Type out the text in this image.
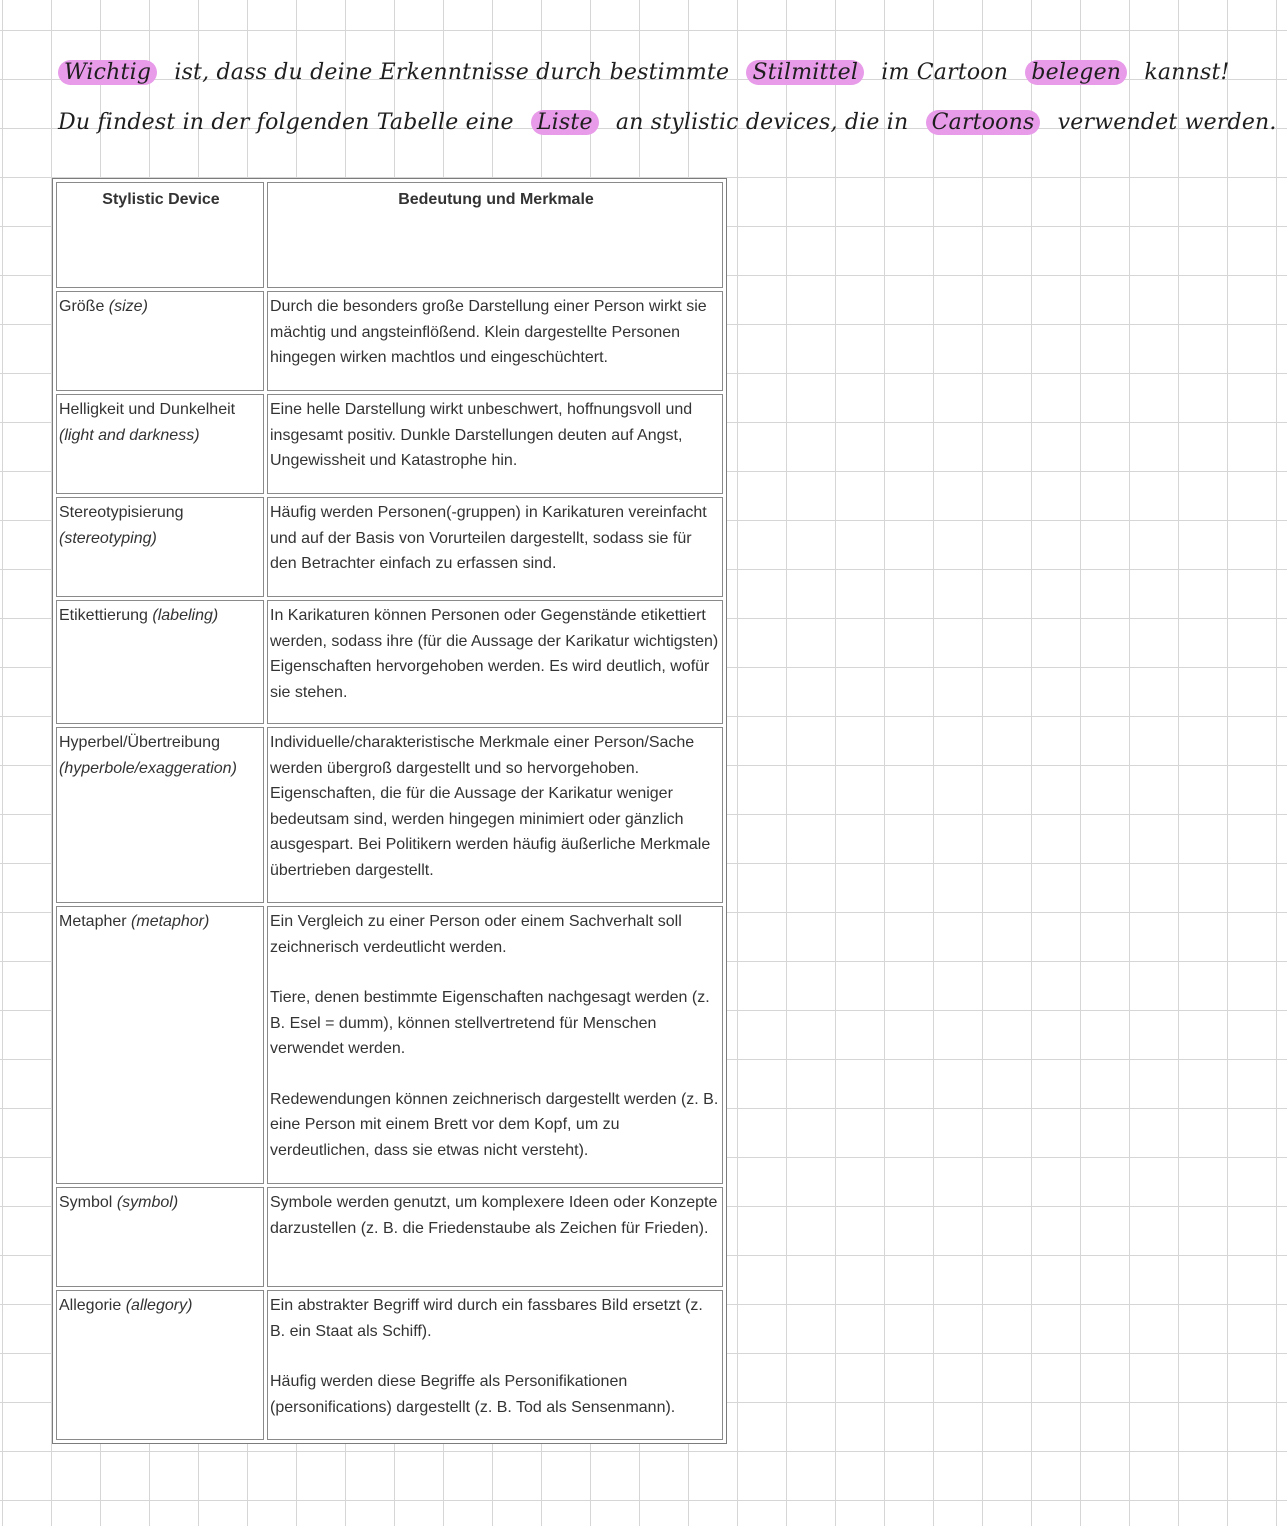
Wichtig ist, dass du deine Erkenntnisse durch bestimmte Stilmittel im Cartoon belegen kannst!
Du findest in der folgenden Tabelle eine Liste an stylistic devices, die in Cartoons verwendet werden.
Stylistic Device	Bedeutung und Merkmale
Größe (size)	Durch die besonders große Darstellung einer Person wirkt sie mächtig und angsteinflößend. Klein dargestellte Personen hingegen wirken machtlos und eingeschüchtert.

Helligkeit und Dunkelheit
(light and darkness)	Eine helle Darstellung wirkt unbeschwert, hoffnungsvoll und insgesamt positiv. Dunkle Darstellungen deuten auf Angst, Ungewissheit und Katastrophe hin.

Stereotypisierung
(stereotyping)	Häufig werden Personen(-gruppen) in Karikaturen vereinfacht und auf der Basis von Vorurteilen dargestellt, sodass sie für den Betrachter einfach zu erfassen sind.

Etikettierung (labeling)	In Karikaturen können Personen oder Gegenstände etikettiert werden, sodass ihre (für die Aussage der Karikatur wichtigsten) Eigenschaften hervorgehoben werden. Es wird deutlich, wofür sie stehen.

Hyperbel/Übertreibung
(hyperbole/exaggeration)	Individuelle/charakteristische Merkmale einer Person/Sache werden übergroß dargestellt und so hervorgehoben. Eigenschaften, die für die Aussage der Karikatur weniger bedeutsam sind, werden hingegen minimiert oder gänzlich ausgespart. Bei Politikern werden häufig äußerliche Merkmale übertrieben dargestellt.

Metapher (metaphor)	Ein Vergleich zu einer Person oder einem Sachverhalt soll zeichnerisch verdeutlicht werden.
Tiere, denen bestimmte Eigenschaften nachgesagt werden (z. B. Esel = dumm), können stellvertretend für Menschen verwendet werden.
Redewendungen können zeichnerisch dargestellt werden (z. B. eine Person mit einem Brett vor dem Kopf, um zu verdeutlichen, dass sie etwas nicht versteht).

Symbol (symbol)	Symbole werden genutzt, um komplexere Ideen oder Konzepte darzustellen (z. B. die Friedenstaube als Zeichen für Frieden).

Allegorie (allegory)	Ein abstrakter Begriff wird durch ein fassbares Bild ersetzt (z. B. ein Staat als Schiff).
Häufig werden diese Begriffe als Personifikationen (personifications) dargestellt (z. B. Tod als Sensenmann).
